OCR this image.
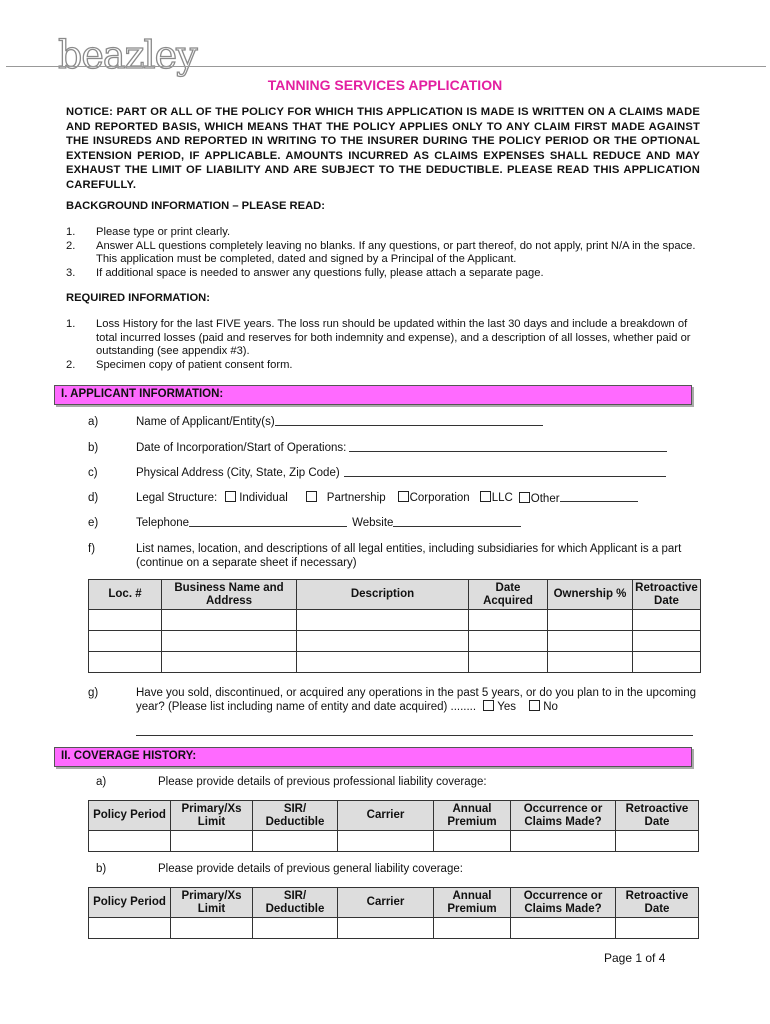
beazley
TANNING SERVICES APPLICATION
NOTICE: PART OR ALL OF THE POLICY FOR WHICH THIS APPLICATION IS MADE IS WRITTEN ON A CLAIMS MADE AND REPORTED BASIS, WHICH MEANS THAT THE POLICY APPLIES ONLY TO ANY CLAIM FIRST MADE AGAINST THE INSUREDS AND REPORTED IN WRITING TO THE INSURER DURING THE POLICY PERIOD OR THE OPTIONAL EXTENSION PERIOD, IF APPLICABLE. AMOUNTS INCURRED AS CLAIMS EXPENSES SHALL REDUCE AND MAY EXHAUST THE LIMIT OF LIABILITY AND ARE SUBJECT TO THE DEDUCTIBLE. PLEASE READ THIS APPLICATION CAREFULLY.
BACKGROUND INFORMATION – PLEASE READ:
1.	Please type or print clearly.
2.	Answer ALL questions completely leaving no blanks. If any questions, or part thereof, do not apply, print N/A in the space. This application must be completed, dated and signed by a Principal of the Applicant.
3.	If additional space is needed to answer any questions fully, please attach a separate page.
REQUIRED INFORMATION:
1.	Loss History for the last FIVE years. The loss run should be updated within the last 30 days and include a breakdown of total incurred losses (paid and reserves for both indemnity and expense), and a description of all losses, whether paid or outstanding (see appendix #3).
2.	Specimen copy of patient consent form.
I. APPLICANT INFORMATION:
a)	Name of Applicant/Entity(s)
b)	Date of Incorporation/Start of Operations:
c)	Physical Address (City, State, Zip Code)
d)	Legal Structure:	Individual	Partnership	Corporation	LLC	Other
e)	Telephone	Website
f)	List names, location, and descriptions of all legal entities, including subsidiaries for which Applicant is a part (continue on a separate sheet if necessary)
Loc. #	Business Name and Address	Description	Date Acquired	Ownership %	Retroactive Date

g)	Have you sold, discontinued, or acquired any operations in the past 5 years, or do you plan to in the upcoming year? (Please list including name of entity and date acquired) ........ Yes No
II. COVERAGE HISTORY:
a)	Please provide details of previous professional liability coverage:
Policy Period	Primary/Xs Limit	SIR/ Deductible	Carrier	Annual Premium	Occurrence or Claims Made?	Retroactive Date

b)	Please provide details of previous general liability coverage:
Policy Period	Primary/Xs Limit	SIR/ Deductible	Carrier	Annual Premium	Occurrence or Claims Made?	Retroactive Date

Page 1 of 4
